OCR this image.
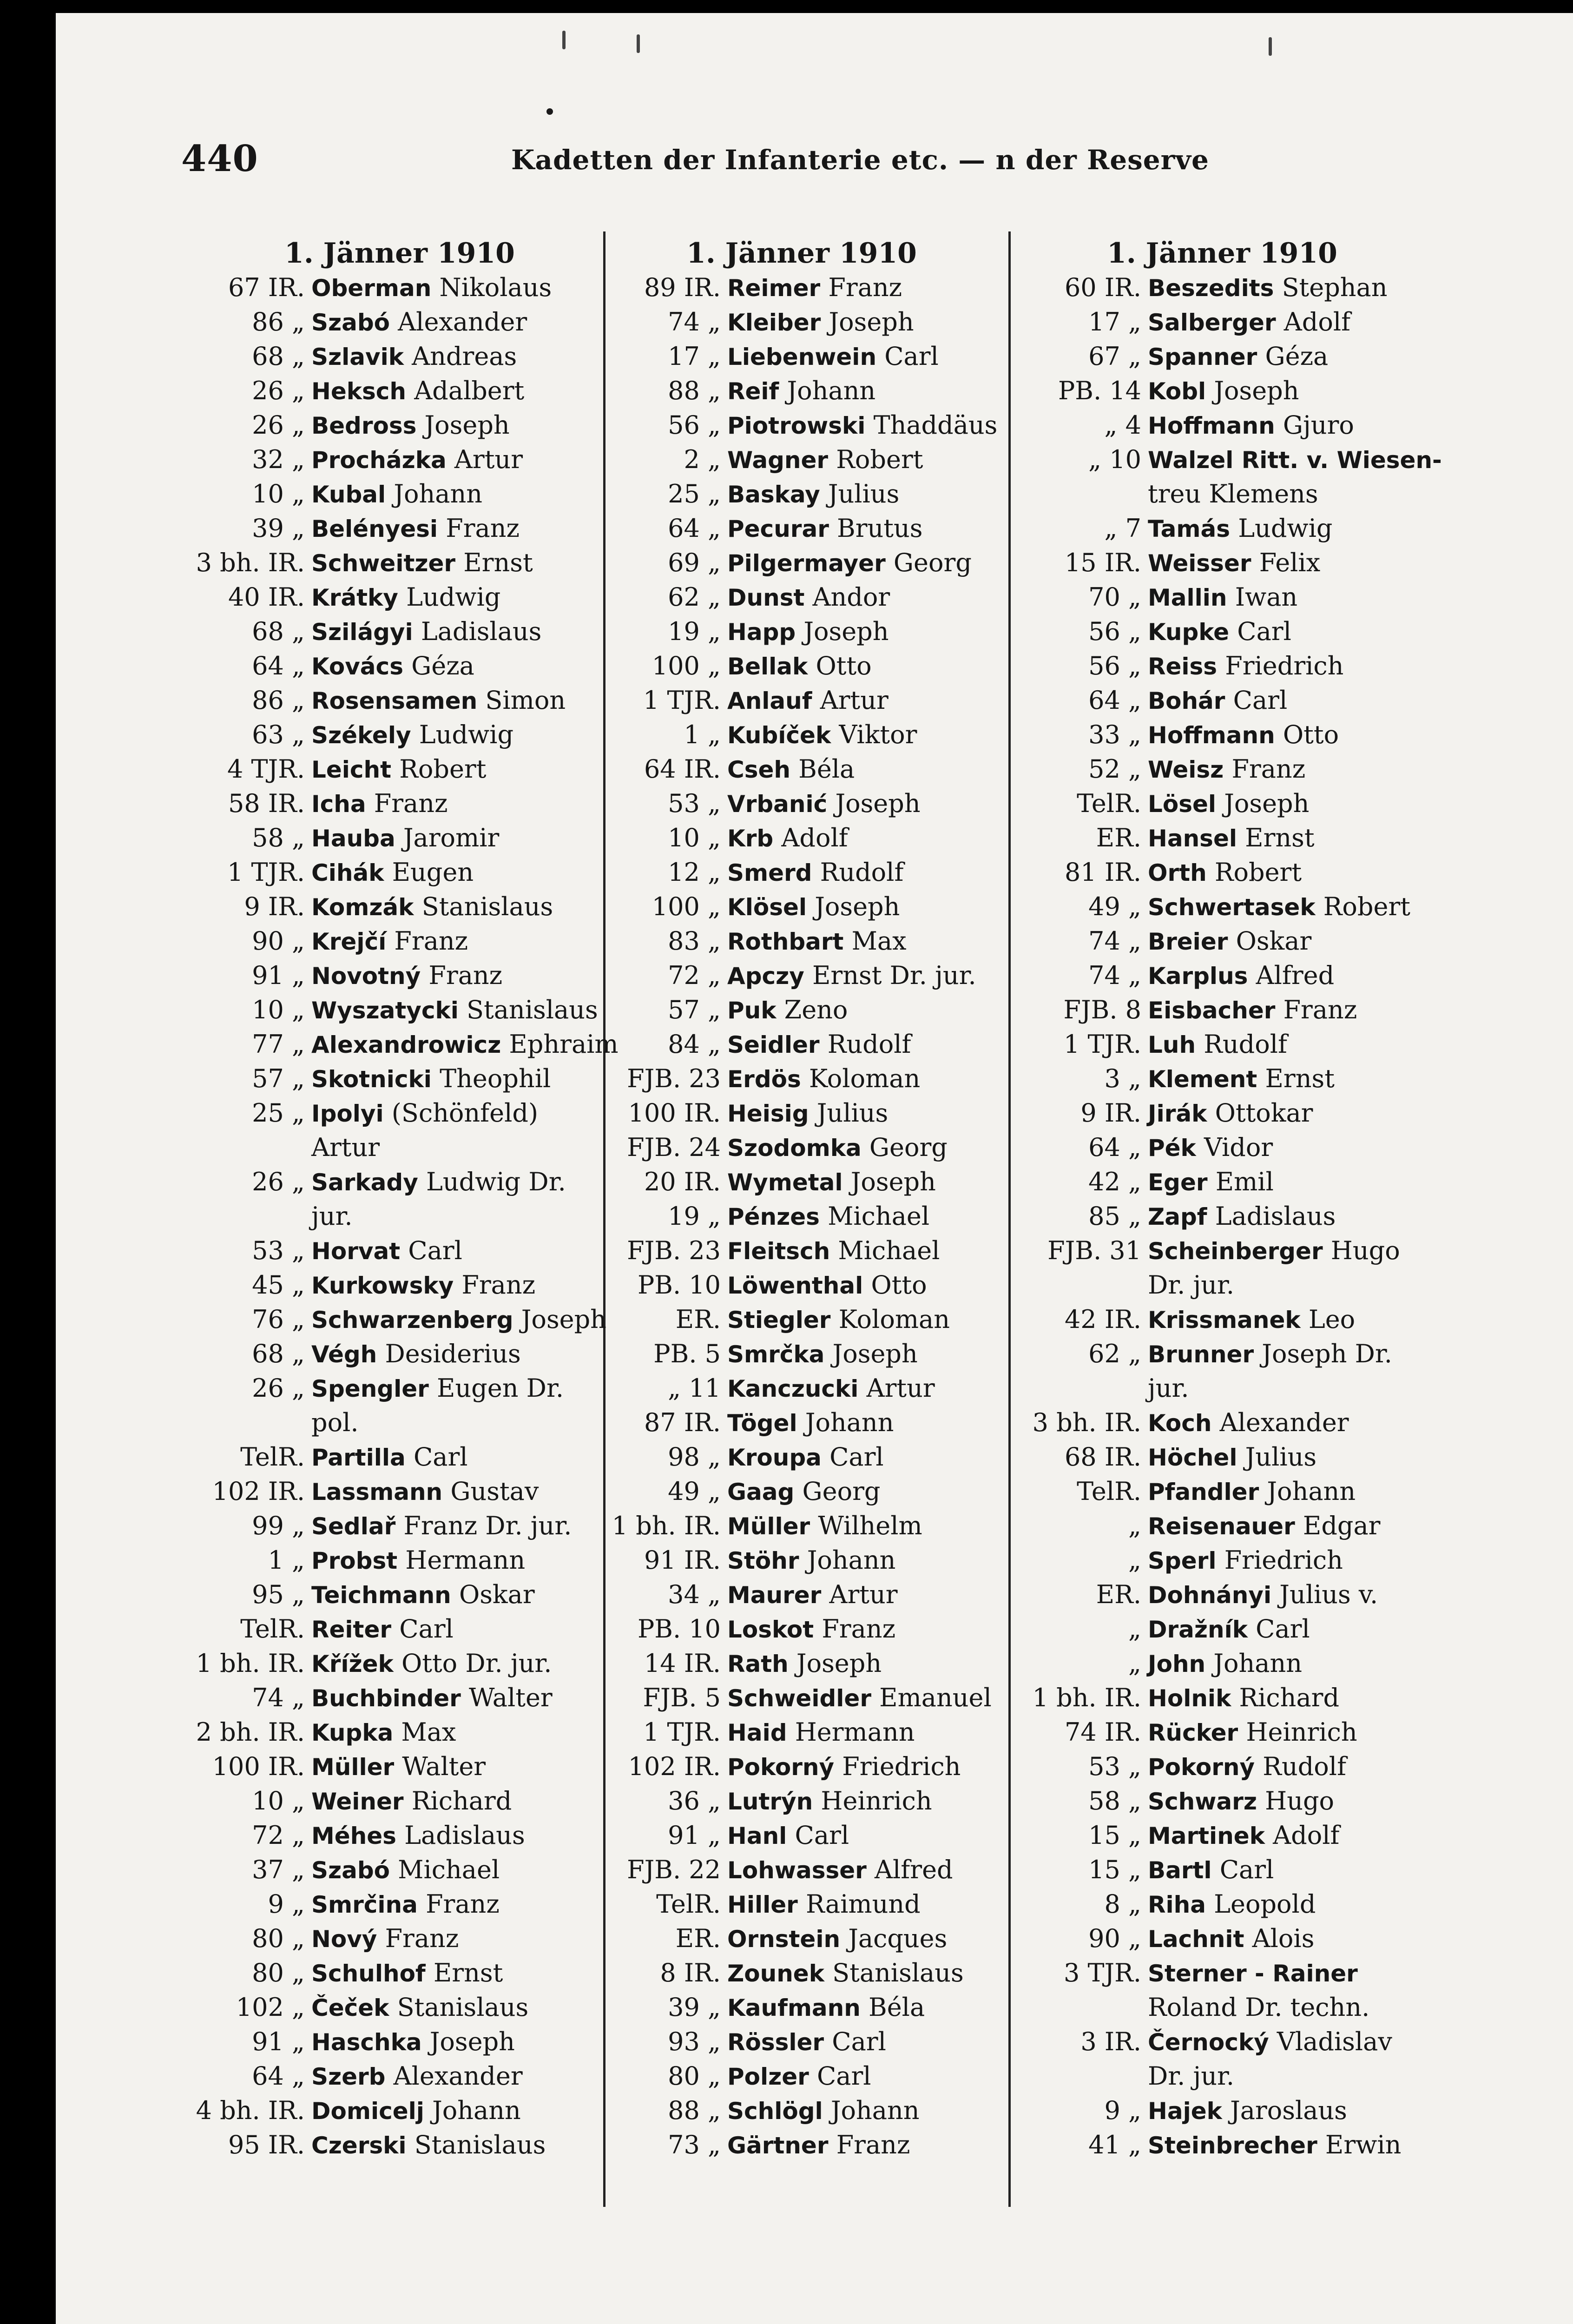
440	Kadetten der Infanterie etc. — n der Reserve
1. Jänner 1910
67 IR. Oberman Nikolaus
86 „ Szabó Alexander
68 „ Szlavik Andreas
26 „ Heksch Adalbert
26 „ Bedross Joseph
32 „ Procházka Artur
10 „ Kubal Johann
39 „ Belényesi Franz
3 bh. IR. Schweitzer Ernst
40 IR. Krátky Ludwig
68 „ Szilágyi Ladislaus
64 „ Kovács Géza
86 „ Rosensamen Simon
63 „ Székely Ludwig
4 TJR. Leicht Robert
58 IR. Icha Franz
58 „ Hauba Jaromir
1 TJR. Cihák Eugen
9 IR. Komzák Stanislaus
90 „ Krejčí Franz
91 „ Novotný Franz
10 „ Wyszatycki Stanislaus
77 „ Alexandrowicz Ephraim
57 „ Skotnicki Theophil
25 „ Ipolyi (Schönfeld)
Artur
26 „ Sarkady Ludwig Dr.
jur.
53 „ Horvat Carl
45 „ Kurkowsky Franz
76 „ Schwarzenberg Joseph
68 „ Végh Desiderius
26 „ Spengler Eugen Dr.
pol.
TelR. Partilla Carl
102 IR. Lassmann Gustav
99 „ Sedlař Franz Dr. jur.
1 „ Probst Hermann
95 „ Teichmann Oskar
TelR. Reiter Carl
1 bh. IR. Křížek Otto Dr. jur.
74 „ Buchbinder Walter
2 bh. IR. Kupka Max
100 IR. Müller Walter
10 „ Weiner Richard
72 „ Méhes Ladislaus
37 „ Szabó Michael
9 „ Smrčina Franz
80 „ Nový Franz
80 „ Schulhof Ernst
102 „ Čeček Stanislaus
91 „ Haschka Joseph
64 „ Szerb Alexander
4 bh. IR. Domicelj Johann
95 IR. Czerski Stanislaus
1. Jänner 1910
89 IR. Reimer Franz
74 „ Kleiber Joseph
17 „ Liebenwein Carl
88 „ Reif Johann
56 „ Piotrowski Thaddäus
2 „ Wagner Robert
25 „ Baskay Julius
64 „ Pecurar Brutus
69 „ Pilgermayer Georg
62 „ Dunst Andor
19 „ Happ Joseph
100 „ Bellak Otto
1 TJR. Anlauf Artur
1 „ Kubíček Viktor
64 IR. Cseh Béla
53 „ Vrbanić Joseph
10 „ Krb Adolf
12 „ Smerd Rudolf
100 „ Klösel Joseph
83 „ Rothbart Max
72 „ Apczy Ernst Dr. jur.
57 „ Puk Zeno
84 „ Seidler Rudolf
FJB. 23 Erdös Koloman
100 IR. Heisig Julius
FJB. 24 Szodomka Georg
20 IR. Wymetal Joseph
19 „ Pénzes Michael
FJB. 23 Fleitsch Michael
PB. 10 Löwenthal Otto
ER. Stiegler Koloman
PB. 5 Smrčka Joseph
„ 11 Kanczucki Artur
87 IR. Tögel Johann
98 „ Kroupa Carl
49 „ Gaag Georg
1 bh. IR. Müller Wilhelm
91 IR. Stöhr Johann
34 „ Maurer Artur
PB. 10 Loskot Franz
14 IR. Rath Joseph
FJB. 5 Schweidler Emanuel
1 TJR. Haid Hermann
102 IR. Pokorný Friedrich
36 „ Lutrýn Heinrich
91 „ Hanl Carl
FJB. 22 Lohwasser Alfred
TelR. Hiller Raimund
ER. Ornstein Jacques
8 IR. Zounek Stanislaus
39 „ Kaufmann Béla
93 „ Rössler Carl
80 „ Polzer Carl
88 „ Schlögl Johann
73 „ Gärtner Franz
1. Jänner 1910
60 IR. Beszedits Stephan
17 „ Salberger Adolf
67 „ Spanner Géza
PB. 14 Kobl Joseph
„ 4 Hoffmann Gjuro
„ 10 Walzel Ritt. v. Wiesen-
treu Klemens
„ 7 Tamás Ludwig
15 IR. Weisser Felix
70 „ Mallin Iwan
56 „ Kupke Carl
56 „ Reiss Friedrich
64 „ Bohár Carl
33 „ Hoffmann Otto
52 „ Weisz Franz
TelR. Lösel Joseph
ER. Hansel Ernst
81 IR. Orth Robert
49 „ Schwertasek Robert
74 „ Breier Oskar
74 „ Karplus Alfred
FJB. 8 Eisbacher Franz
1 TJR. Luh Rudolf
3 „ Klement Ernst
9 IR. Jirák Ottokar
64 „ Pék Vidor
42 „ Eger Emil
85 „ Zapf Ladislaus
FJB. 31 Scheinberger Hugo
Dr. jur.
42 IR. Krissmanek Leo
62 „ Brunner Joseph Dr.
jur.
3 bh. IR. Koch Alexander
68 IR. Höchel Julius
TelR. Pfandler Johann
„ Reisenauer Edgar
„ Sperl Friedrich
ER. Dohnányi Julius v.
„ Dražník Carl
„ John Johann
1 bh. IR. Holnik Richard
74 IR. Rücker Heinrich
53 „ Pokorný Rudolf
58 „ Schwarz Hugo
15 „ Martinek Adolf
15 „ Bartl Carl
8 „ Riha Leopold
90 „ Lachnit Alois
3 TJR. Sterner - Rainer
Roland Dr. techn.
3 IR. Černocký Vladislav
Dr. jur.
9 „ Hajek Jaroslaus
41 „ Steinbrecher Erwin
